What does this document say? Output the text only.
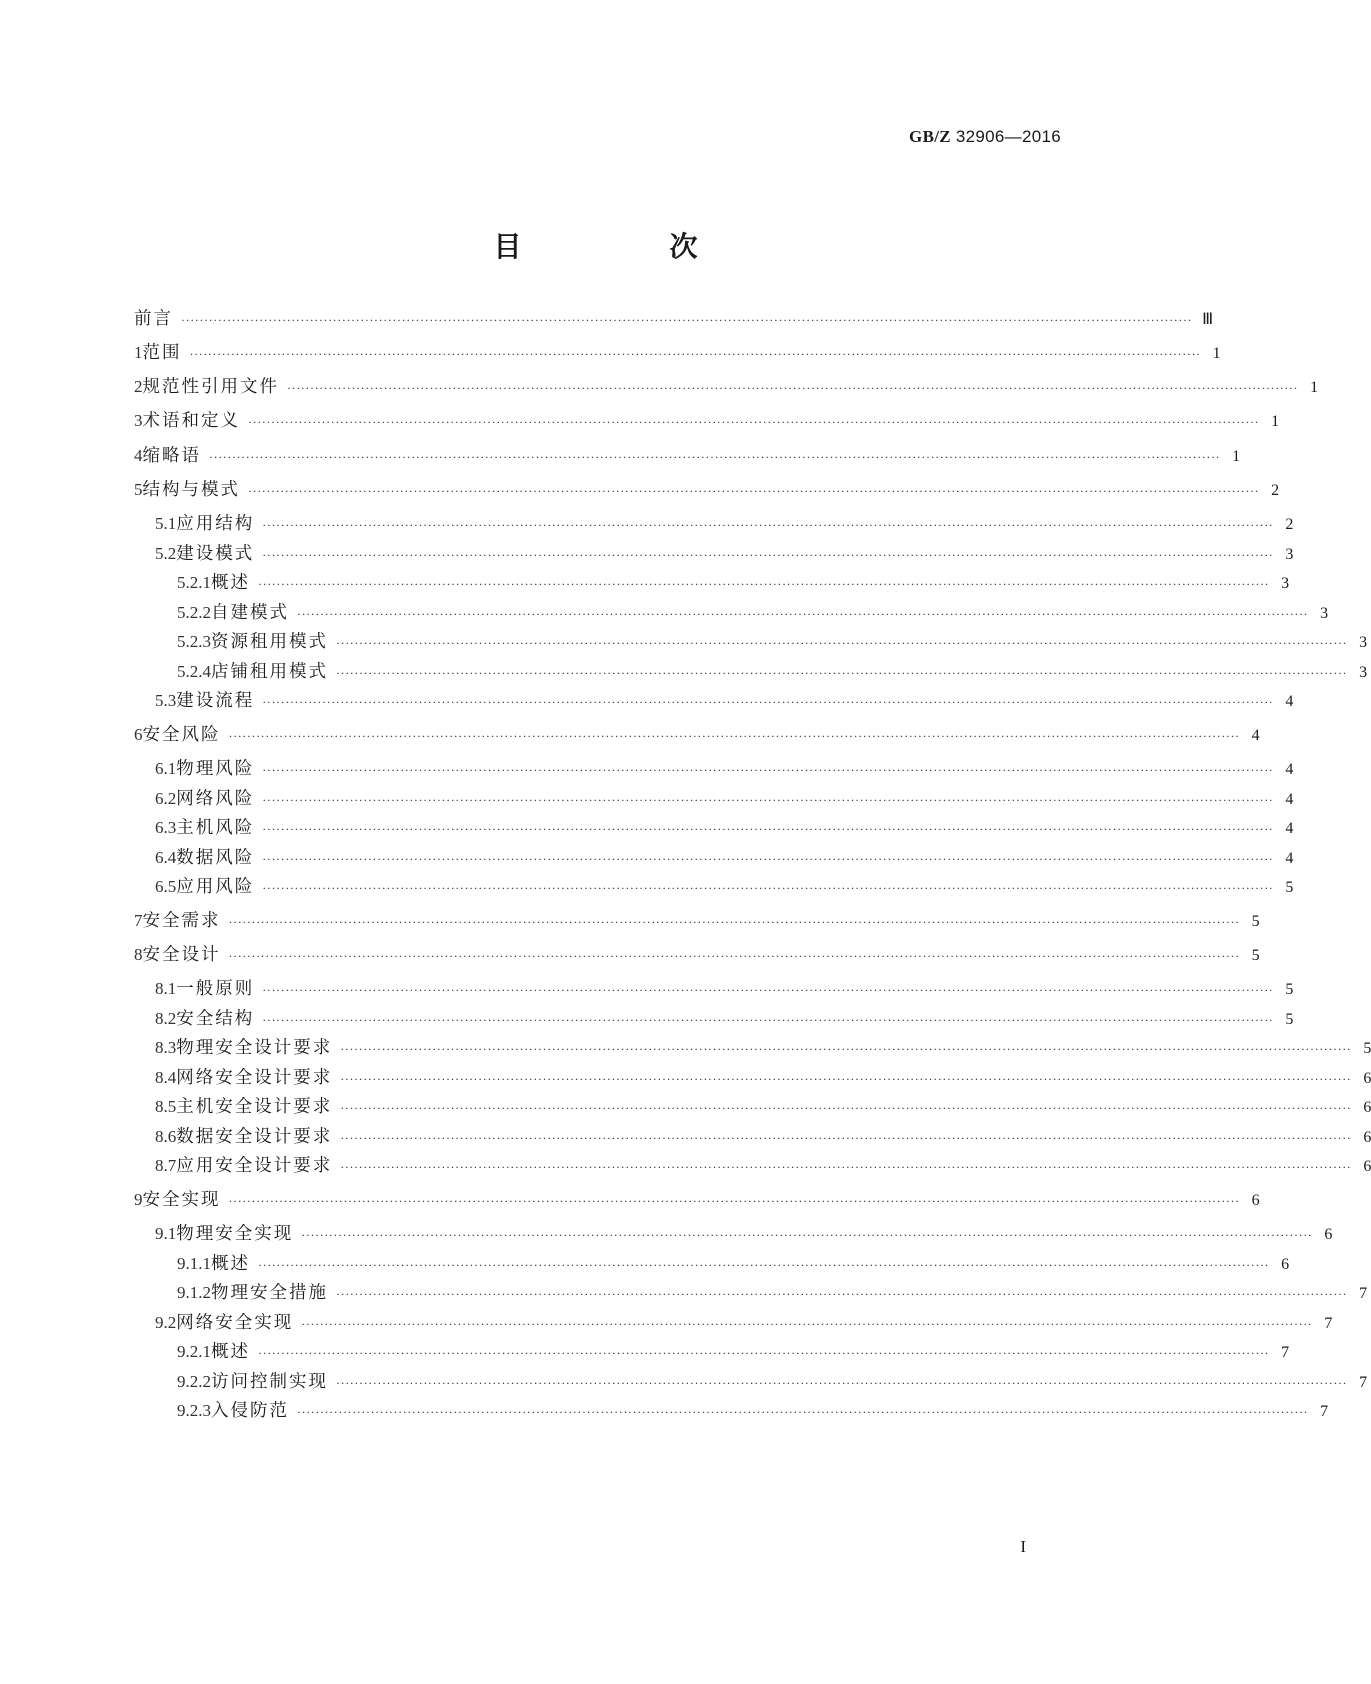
GB/Z 32906—2016
目　次
前言 ···························································································································································································································· Ⅲ
1 范围 ···························································································································································································································· 1
2 规范性引用文件 ···························································································································································································································· 1
3 术语和定义 ···························································································································································································································· 1
4 缩略语 ···························································································································································································································· 1
5 结构与模式 ···························································································································································································································· 2
5.1 应用结构 ···························································································································································································································· 2
5.2 建设模式 ···························································································································································································································· 3
5.2.1 概述 ···························································································································································································································· 3
5.2.2 自建模式 ···························································································································································································································· 3
5.2.3 资源租用模式 ···························································································································································································································· 3
5.2.4 店铺租用模式 ···························································································································································································································· 3
5.3 建设流程 ···························································································································································································································· 4
6 安全风险 ···························································································································································································································· 4
6.1 物理风险 ···························································································································································································································· 4
6.2 网络风险 ···························································································································································································································· 4
6.3 主机风险 ···························································································································································································································· 4
6.4 数据风险 ···························································································································································································································· 4
6.5 应用风险 ···························································································································································································································· 5
7 安全需求 ···························································································································································································································· 5
8 安全设计 ···························································································································································································································· 5
8.1 一般原则 ···························································································································································································································· 5
8.2 安全结构 ···························································································································································································································· 5
8.3 物理安全设计要求 ···························································································································································································································· 5
8.4 网络安全设计要求 ···························································································································································································································· 6
8.5 主机安全设计要求 ···························································································································································································································· 6
8.6 数据安全设计要求 ···························································································································································································································· 6
8.7 应用安全设计要求 ···························································································································································································································· 6
9 安全实现 ···························································································································································································································· 6
9.1 物理安全实现 ···························································································································································································································· 6
9.1.1 概述 ···························································································································································································································· 6
9.1.2 物理安全措施 ···························································································································································································································· 7
9.2 网络安全实现 ···························································································································································································································· 7
9.2.1 概述 ···························································································································································································································· 7
9.2.2 访问控制实现 ···························································································································································································································· 7
9.2.3 入侵防范 ···························································································································································································································· 7
I
